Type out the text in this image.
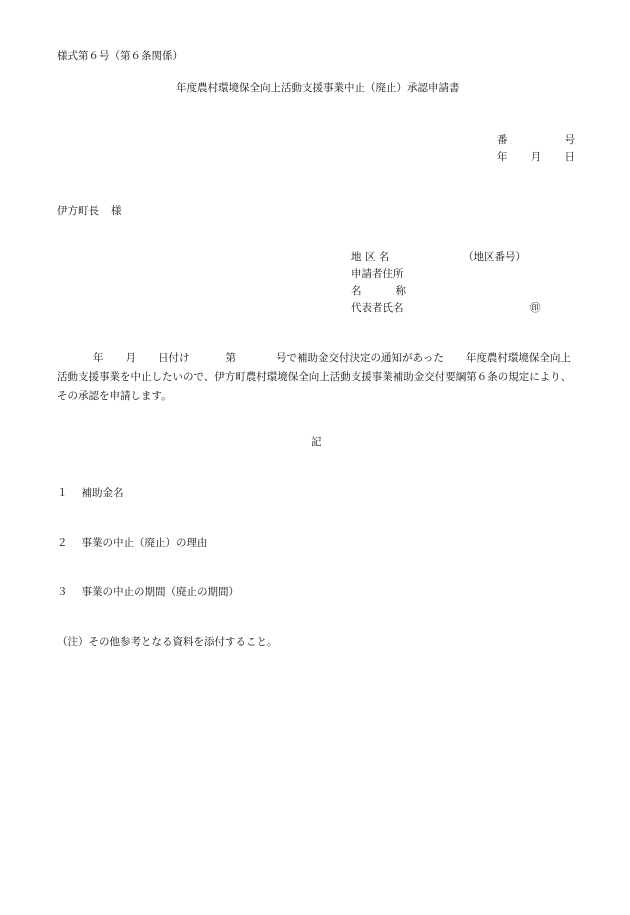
様式第６号（第６条関係）
年度農村環境保全向上活動支援事業中止（廃止）承認申請書
番	号
年 月 日
伊方町長 様
地 区 名	（地区番号）
申請者住所
名	称
代表者氏名	㊞
年 月 日付け	第	号で補助金交付決定の通知があった 年度農村環境保全向上活動支援事業を中止したいので、伊方町農村環境保全向上活動支援事業補助金交付要綱第６条の規定により、その承認を申請します。
記
１ 補助金名
２ 事業の中止（廃止）の理由
３ 事業の中止の期間（廃止の期間）
（注）その他参考となる資料を添付すること。
